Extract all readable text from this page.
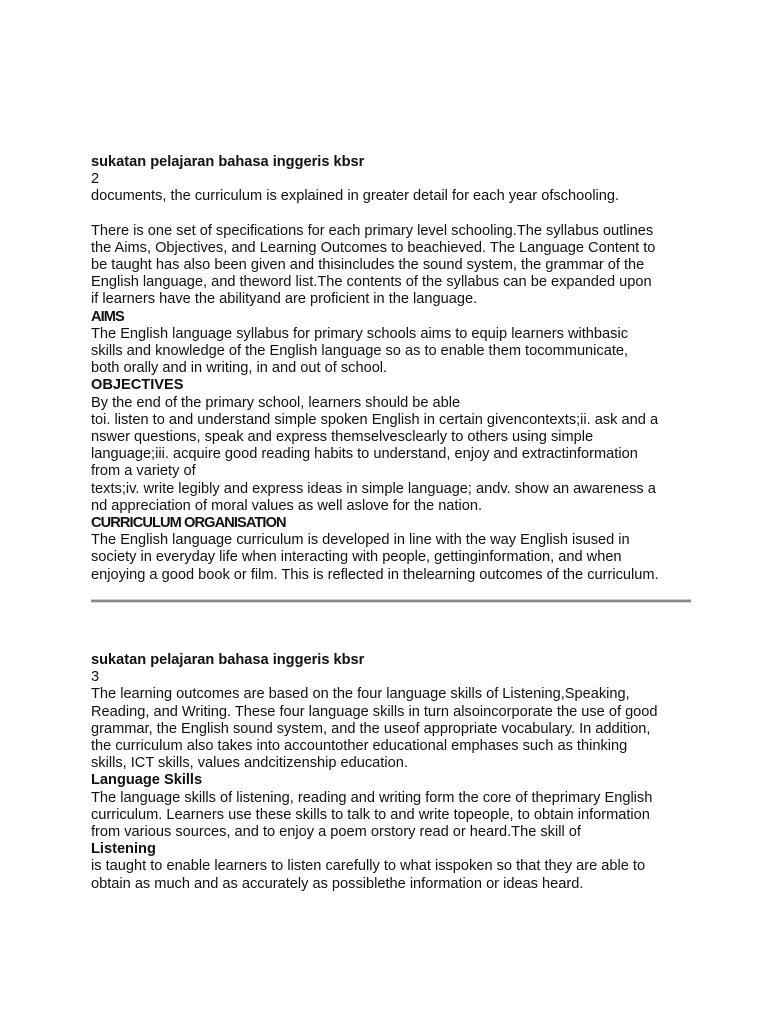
sukatan pelajaran bahasa inggeris kbsr
2

documents, the curriculum is explained in greater detail for each year ofschooling.

There is one set of specifications for each primary level schooling.The syllabus outlines
the Aims, Objectives, and Learning Outcomes to beachieved. The Language Content to
be taught has also been given and thisincludes the sound system, the grammar of the
English language, and theword list.The contents of the syllabus can be expanded upon
if learners have the abilityand are proficient in the language.
AIMS
The English language syllabus for primary schools aims to equip learners withbasic
skills and knowledge of the English language so as to enable them tocommunicate,
both orally and in writing, in and out of school.
OBJECTIVES
By the end of the primary school, learners should be able
toi. listen to and understand simple spoken English in certain givencontexts;ii. ask and a
nswer questions, speak and express themselvesclearly to others using simple
language;iii. acquire good reading habits to understand, enjoy and extractinformation
from a variety of
texts;iv. write legibly and express ideas in simple language; andv. show an awareness a
nd appreciation of moral values as well aslove for the nation.
CURRICULUM ORGANISATION
The English language curriculum is developed in line with the way English isused in
society in everyday life when interacting with people, gettinginformation, and when
enjoying a good book or film. This is reflected in thelearning outcomes of the curriculum.
sukatan pelajaran bahasa inggeris kbsr
3
The learning outcomes are based on the four language skills of Listening,Speaking,
Reading, and Writing. These four language skills in turn alsoincorporate the use of good
grammar, the English sound system, and the useof appropriate vocabulary. In addition,
the curriculum also takes into accountother educational emphases such as thinking
skills, ICT skills, values andcitizenship education.
Language Skills
The language skills of listening, reading and writing form the core of theprimary English
curriculum. Learners use these skills to talk to and write topeople, to obtain information
from various sources, and to enjoy a poem orstory read or heard.The skill of
Listening
is taught to enable learners to listen carefully to what isspoken so that they are able to
obtain as much and as accurately as possiblethe information or ideas heard.
